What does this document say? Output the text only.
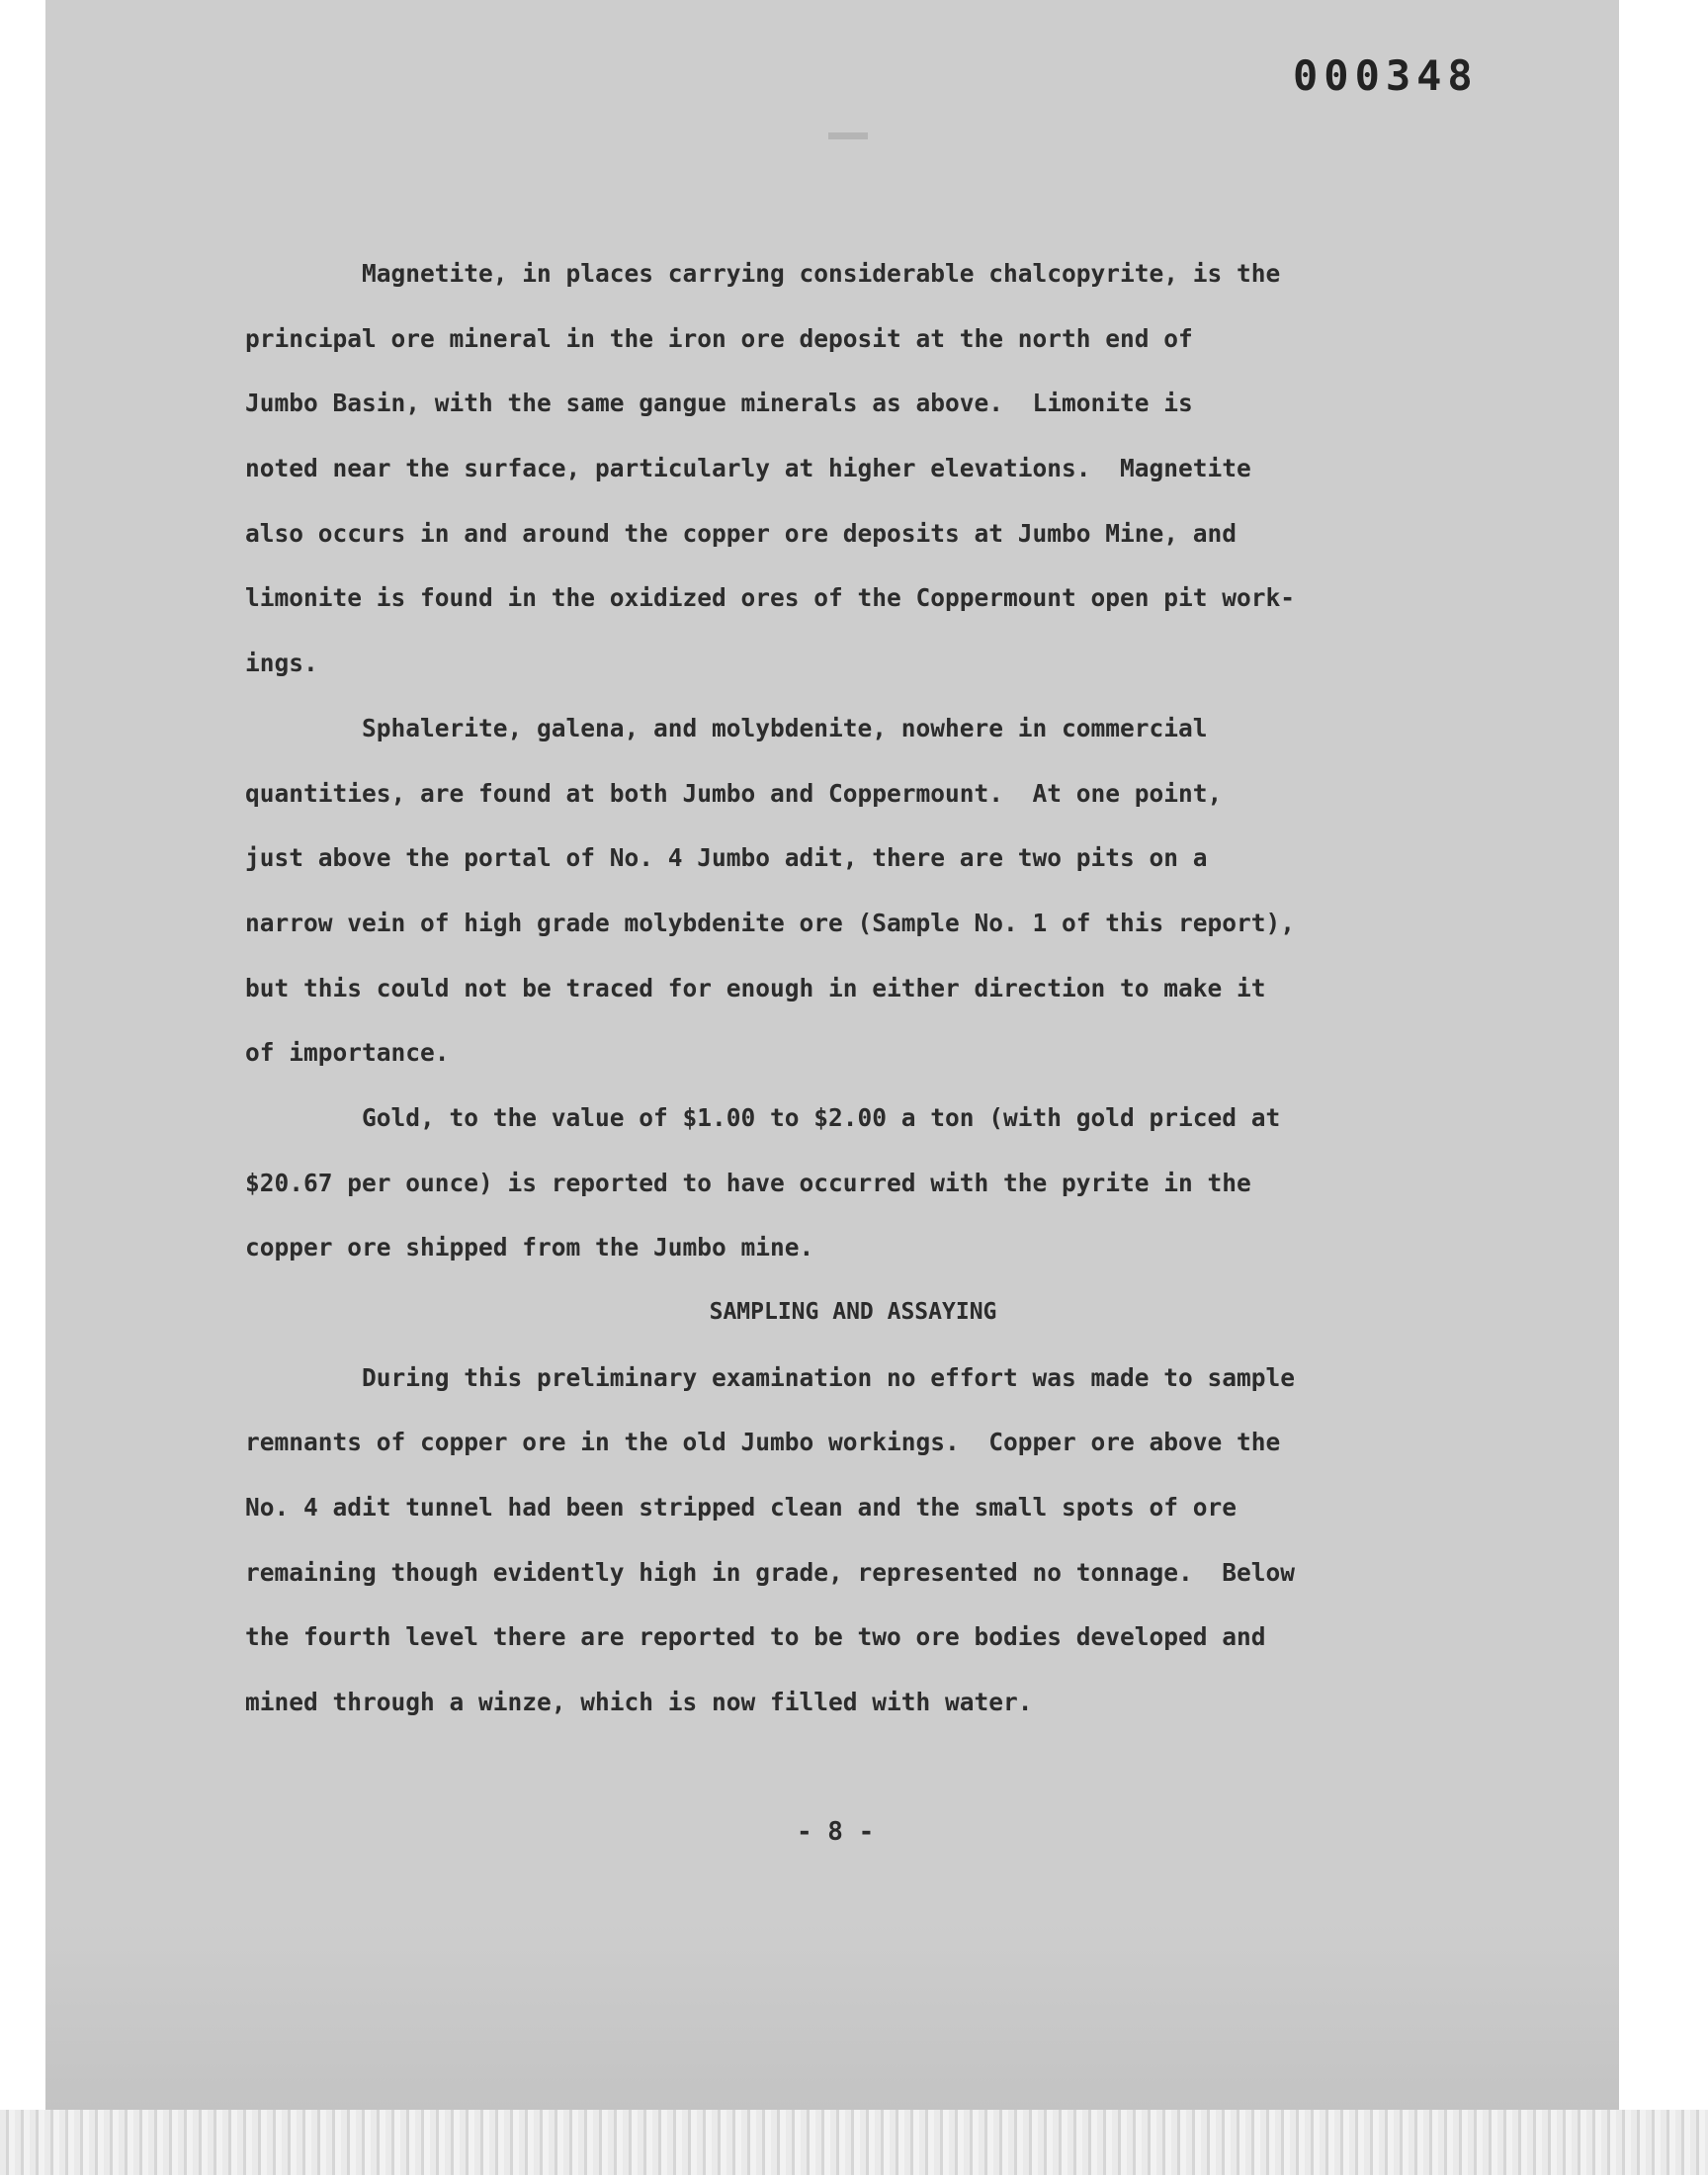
000348
Magnetite, in places carrying considerable chalcopyrite, is the
principal ore mineral in the iron ore deposit at the north end of
Jumbo Basin, with the same gangue minerals as above.  Limonite is
noted near the surface, particularly at higher elevations.  Magnetite
also occurs in and around the copper ore deposits at Jumbo Mine, and
limonite is found in the oxidized ores of the Coppermount open pit work-
ings.
Sphalerite, galena, and molybdenite, nowhere in commercial
quantities, are found at both Jumbo and Coppermount.  At one point,
just above the portal of No. 4 Jumbo adit, there are two pits on a
narrow vein of high grade molybdenite ore (Sample No. 1 of this report),
but this could not be traced for enough in either direction to make it
of importance.
Gold, to the value of $1.00 to $2.00 a ton (with gold priced at
$20.67 per ounce) is reported to have occurred with the pyrite in the
copper ore shipped from the Jumbo mine.
SAMPLING AND ASSAYING
During this preliminary examination no effort was made to sample
remnants of copper ore in the old Jumbo workings.  Copper ore above the
No. 4 adit tunnel had been stripped clean and the small spots of ore
remaining though evidently high in grade, represented no tonnage.  Below
the fourth level there are reported to be two ore bodies developed and
mined through a winze, which is now filled with water.
- 8 -
